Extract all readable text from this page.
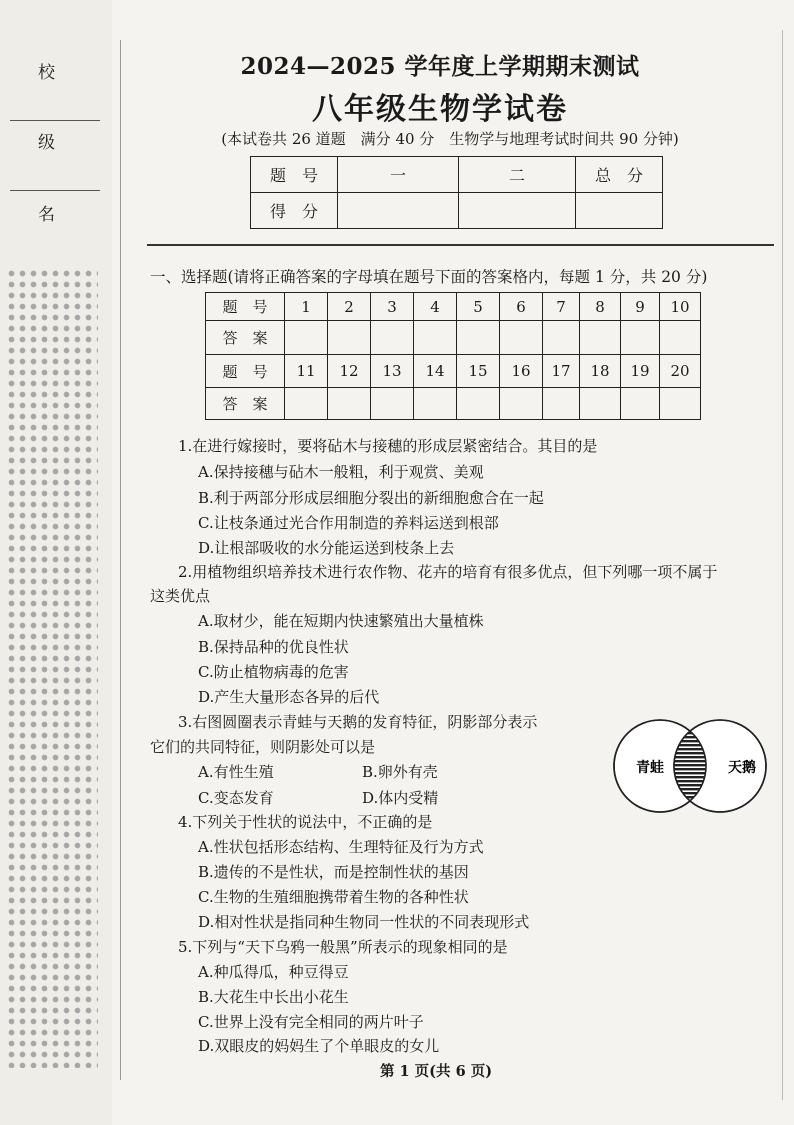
校
级
名
2024—2025 学年度上学期期末测试
八年级生物学试卷
(本试卷共 26 道题　满分 40 分　生物学与地理考试时间共 90 分钟)
题　号	一	二	总　分
得　分			
一、选择题(请将正确答案的字母填在题号下面的答案格内，每题 1 分，共 20 分)
题　号	1	2	3	4	5	6	7	8	9	10
答　案										
题　号	11	12	13	14	15	16	17	18	19	20
答　案										
1.在进行嫁接时，要将砧木与接穗的形成层紧密结合。其目的是
A.保持接穗与砧木一般粗，利于观赏、美观
B.利于两部分形成层细胞分裂出的新细胞愈合在一起
C.让枝条通过光合作用制造的养料运送到根部
D.让根部吸收的水分能运送到枝条上去
2.用植物组织培养技术进行农作物、花卉的培育有很多优点，但下列哪一项不属于
这类优点
A.取材少，能在短期内快速繁殖出大量植株
B.保持品种的优良性状
C.防止植物病毒的危害
D.产生大量形态各异的后代
3.右图圆圈表示青蛙与天鹅的发育特征，阴影部分表示
它们的共同特征，则阴影处可以是
A.有性生殖	B.卵外有壳
C.变态发育	D.体内受精
青蛙	天鹅
4.下列关于性状的说法中，不正确的是
A.性状包括形态结构、生理特征及行为方式
B.遗传的不是性状，而是控制性状的基因
C.生物的生殖细胞携带着生物的各种性状
D.相对性状是指同种生物同一性状的不同表现形式
5.下列与“天下乌鸦一般黑”所表示的现象相同的是
A.种瓜得瓜，种豆得豆
B.大花生中长出小花生
C.世界上没有完全相同的两片叶子
D.双眼皮的妈妈生了个单眼皮的女儿
第 1 页(共 6 页)
